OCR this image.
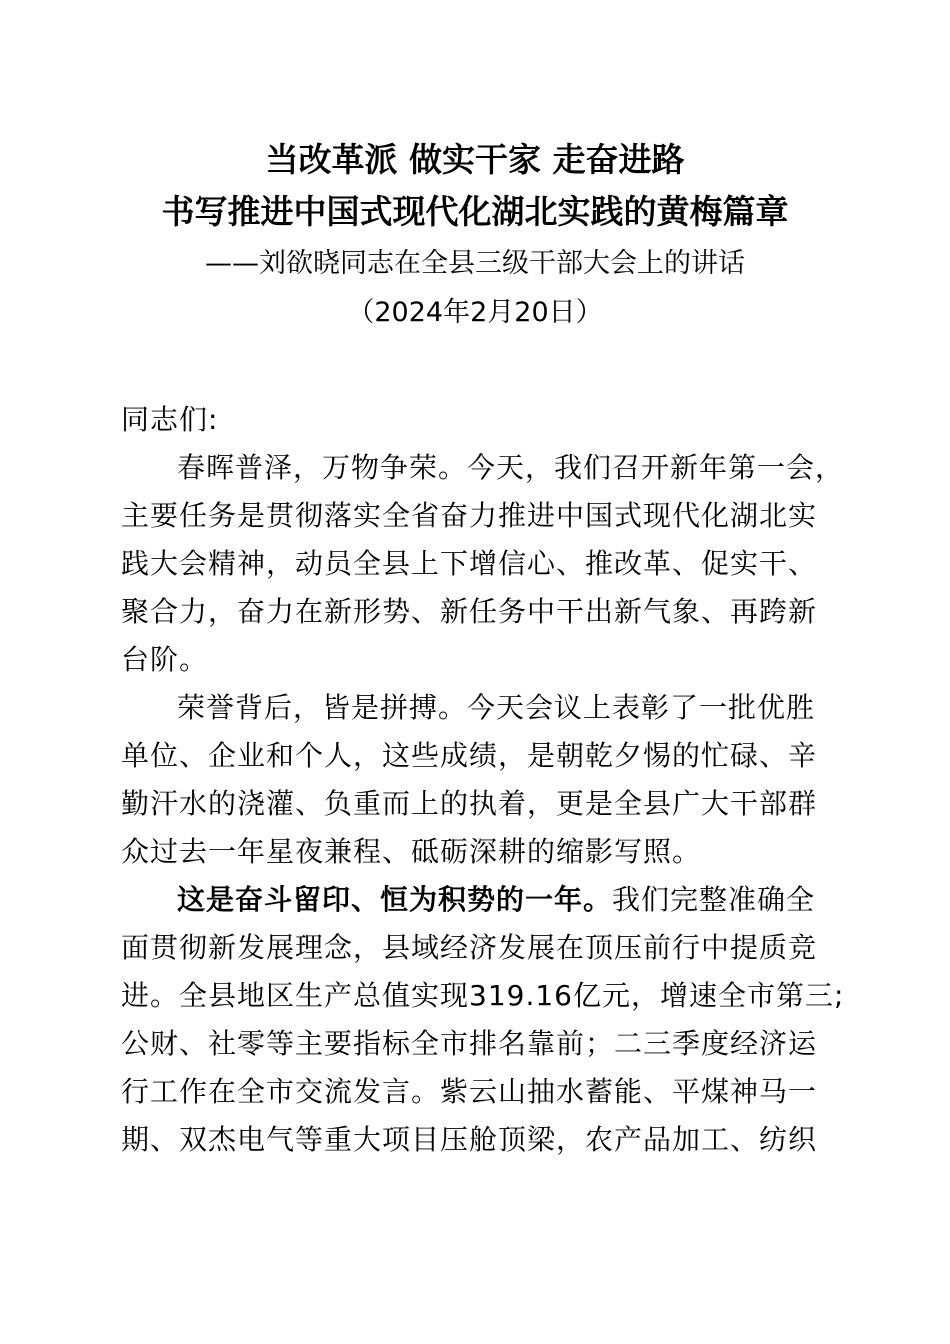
当改革派 做实干家 走奋进路
书写推进中国式现代化湖北实践的黄梅篇章
——刘欲晓同志在全县三级干部大会上的讲话
（2024年2月20日）
同志们:
春晖普泽，万物争荣。今天，我们召开新年第一会，
主要任务是贯彻落实全省奋力推进中国式现代化湖北实
践大会精神，动员全县上下增信心、推改革、促实干、
聚合力，奋力在新形势、新任务中干出新气象、再跨新
台阶。
荣誉背后，皆是拼搏。今天会议上表彰了一批优胜
单位、企业和个人，这些成绩，是朝乾夕惕的忙碌、辛
勤汗水的浇灌、负重而上的执着，更是全县广大干部群
众过去一年星夜兼程、砥砺深耕的缩影写照。
这是奋斗留印、恒为积势的一年。我们完整准确全
面贯彻新发展理念，县域经济发展在顶压前行中提质竞
进。全县地区生产总值实现319.16亿元，增速全市第三;
公财、社零等主要指标全市排名靠前；二三季度经济运
行工作在全市交流发言。紫云山抽水蓄能、平煤神马一
期、双杰电气等重大项目压舱顶梁，农产品加工、纺织
